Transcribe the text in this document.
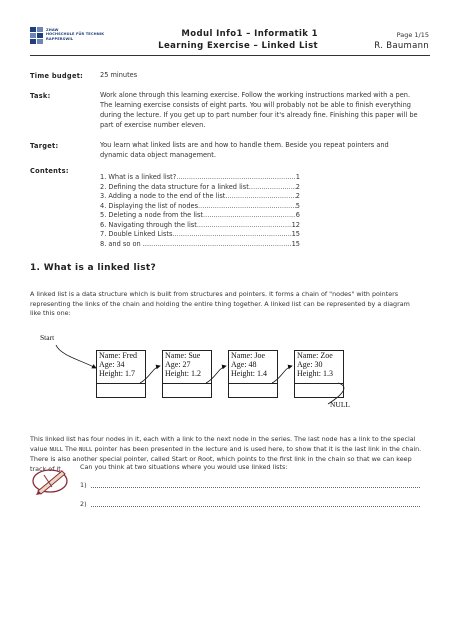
ZHAW
HOCHSCHULE FÜR TECHNIK
RAPPERSWIL	Modul Info1 – Informatik 1
Learning Exercise – Linked List
Page 1/15
R. Baumann
Time budget:	25 minutes
Task:	Work alone through this learning exercise. Follow the working instructions marked with a pen. The learning exercise consists of eight parts. You will probably not be able to finish everything during the lecture. If you get up to part number four it's already fine. Finishing this paper will be part of exercise number eleven.
Target:	You learn what linked lists are and how to handle them. Beside you repeat pointers and dynamic data object management.
Contents:
1. What is a linked list? .....	1
2. Defining the data structure for a linked list .....	2
3. Adding a node to the end of the list .....	2
4. Displaying the list of nodes .....	5
5. Deleting a node from the list .....	6
6. Navigating through the list .....	12
7. Double Linked Lists .....	15
8. and so on ... .....	15
1. What is a linked list?
A linked list is a data structure which is built from structures and pointers. It forms a chain of "nodes" with pointers representing the links of the chain and holding the entire thing together. A linked list can be represented by a diagram like this one:
Start
Name: Fred
Age: 34
Height: 1.7
Name: Sue
Age: 27
Height: 1.2
Name: Joe
Age: 48
Height: 1.4
Name: Zoe
Age: 30
Height: 1.3
NULL
This linked list has four nodes in it, each with a link to the next node in the series. The last node has a link to the special value NULL The NULL pointer has been presented in the lecture and is used here, to show that it is the last link in the chain. There is also another special pointer, called Start or Root, which points to the first link in the chain so that we can keep track of it.	Can you think at two situations where you would use linked lists:
1)
2)
